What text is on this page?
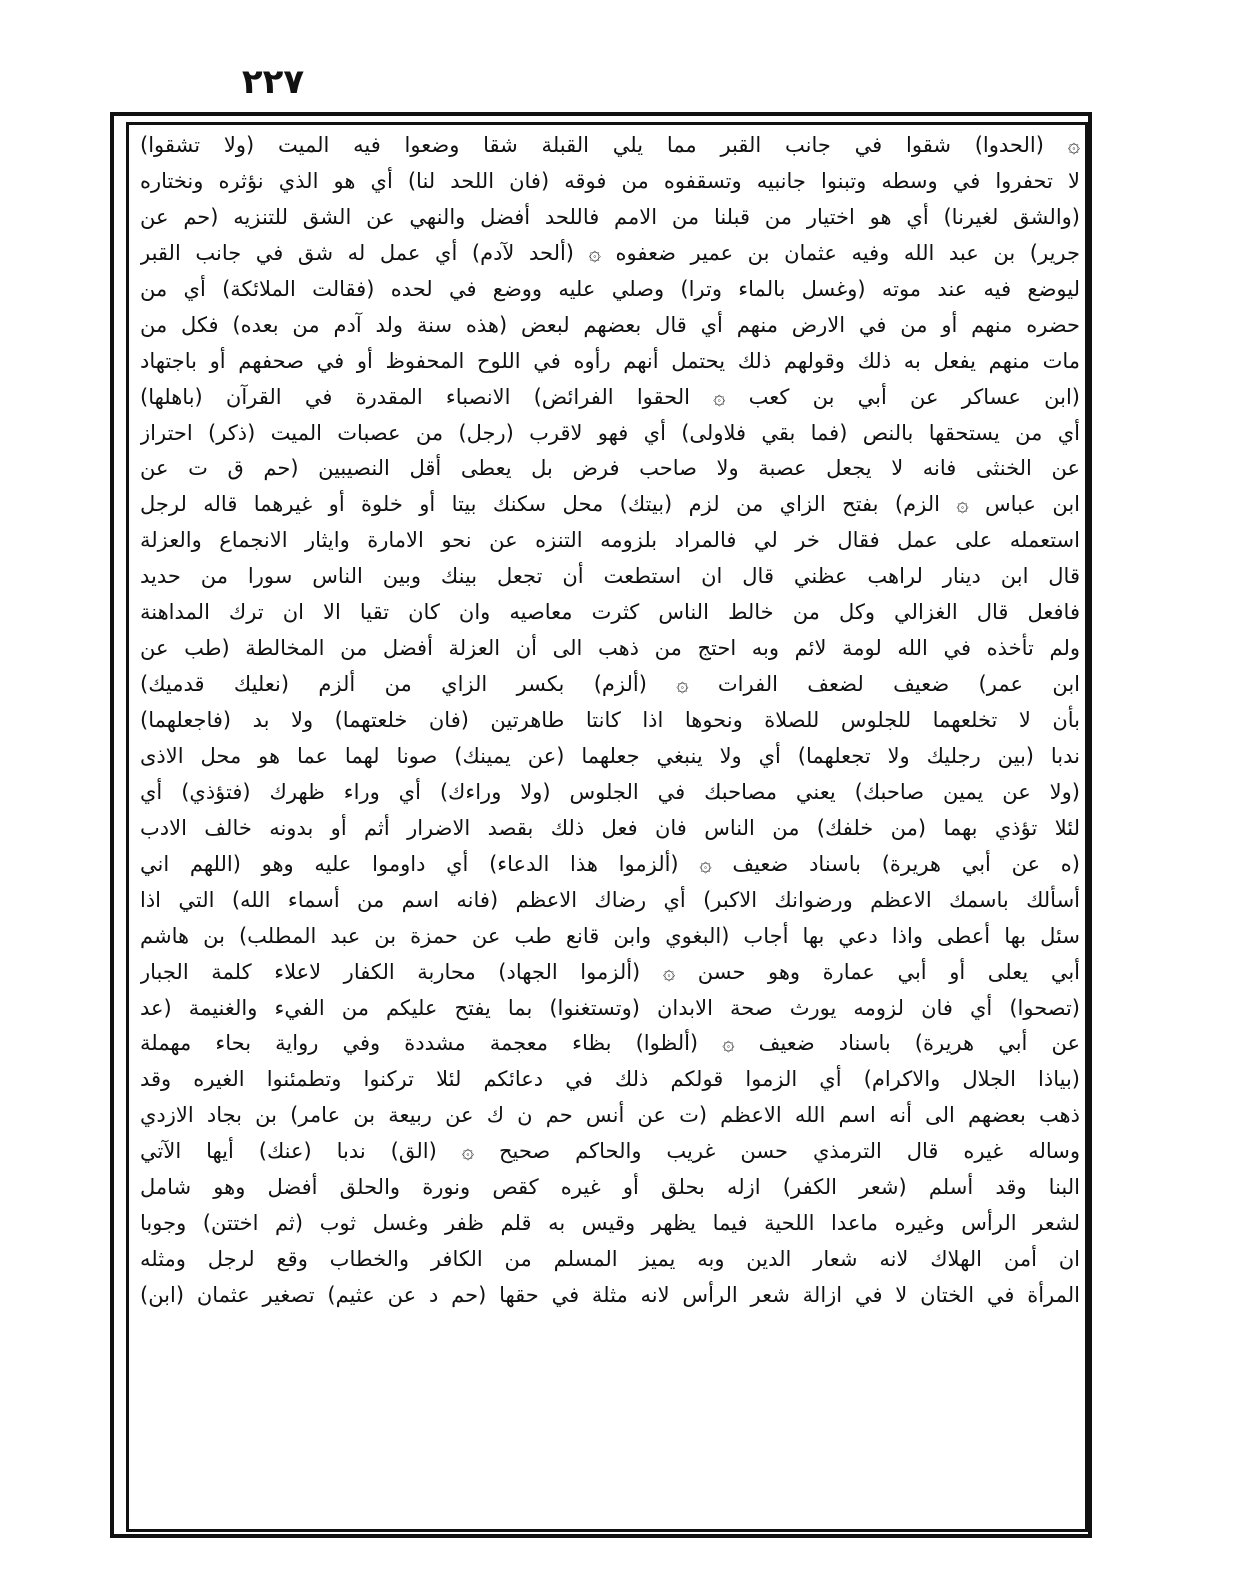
٢٢٧
۞ (الحدوا) شقوا في جانب القبر مما يلي القبلة شقا وضعوا فيه الميت (ولا تشقوا)
لا تحفروا في وسطه وتبنوا جانبيه وتسقفوه من فوقه (فان اللحد لنا) أي هو الذي نؤثره ونختاره
(والشق لغيرنا) أي هو اختيار من قبلنا من الامم فاللحد أفضل والنهي عن الشق للتنزيه (حم عن
جرير) بن عبد الله وفيه عثمان بن عمير ضعفوه ۞ (ألحد لآدم) أي عمل له شق في جانب القبر
ليوضع فيه عند موته (وغسل بالماء وترا) وصلي عليه ووضع في لحده (فقالت الملائكة) أي من
حضره منهم أو من في الارض منهم أي قال بعضهم لبعض (هذه سنة ولد آدم من بعده) فكل من
مات منهم يفعل به ذلك وقولهم ذلك يحتمل أنهم رأوه في اللوح المحفوظ أو في صحفهم أو باجتهاد
(ابن عساكر عن أبي بن كعب ۞ الحقوا الفرائض) الانصباء المقدرة في القرآن (باهلها)
أي من يستحقها بالنص (فما بقي فلاولى) أي فهو لاقرب (رجل) من عصبات الميت (ذكر) احتراز
عن الخنثى فانه لا يجعل عصبة ولا صاحب فرض بل يعطى أقل النصيبين (حم ق ت عن
ابن عباس ۞ الزم) بفتح الزاي من لزم (بيتك) محل سكنك بيتا أو خلوة أو غيرهما قاله لرجل
استعمله على عمل فقال خر لي فالمراد بلزومه التنزه عن نحو الامارة وايثار الانجماع والعزلة
قال ابن دينار لراهب عظني قال ان استطعت أن تجعل بينك وبين الناس سورا من حديد
فافعل قال الغزالي وكل من خالط الناس كثرت معاصيه وان كان تقيا الا ان ترك المداهنة
ولم تأخذه في الله لومة لائم وبه احتج من ذهب الى أن العزلة أفضل من المخالطة (طب عن
ابن عمر) ضعيف لضعف الفرات ۞ (ألزم) بكسر الزاي من ألزم (نعليك قدميك)
بأن لا تخلعهما للجلوس للصلاة ونحوها اذا كانتا طاهرتين (فان خلعتهما) ولا بد (فاجعلهما)
ندبا (بين رجليك ولا تجعلهما) أي ولا ينبغي جعلهما (عن يمينك) صونا لهما عما هو محل الاذى
(ولا عن يمين صاحبك) يعني مصاحبك في الجلوس (ولا وراءك) أي وراء ظهرك (فتؤذي) أي
لئلا تؤذي بهما (من خلفك) من الناس فان فعل ذلك بقصد الاضرار أثم أو بدونه خالف الادب
(ه عن أبي هريرة) باسناد ضعيف ۞ (ألزموا هذا الدعاء) أي داوموا عليه وهو (اللهم اني
أسألك باسمك الاعظم ورضوانك الاكبر) أي رضاك الاعظم (فانه اسم من أسماء الله) التي اذا
سئل بها أعطى واذا دعي بها أجاب (البغوي وابن قانع طب عن حمزة بن عبد المطلب) بن هاشم
أبي يعلى أو أبي عمارة وهو حسن ۞ (ألزموا الجهاد) محاربة الكفار لاعلاء كلمة الجبار
(تصحوا) أي فان لزومه يورث صحة الابدان (وتستغنوا) بما يفتح عليكم من الفيء والغنيمة (عد
عن أبي هريرة) باسناد ضعيف ۞ (ألظوا) بظاء معجمة مشددة وفي رواية بحاء مهملة
(بياذا الجلال والاكرام) أي الزموا قولكم ذلك في دعائكم لئلا تركنوا وتطمئنوا الغيره وقد
ذهب بعضهم الى أنه اسم الله الاعظم (ت عن أنس حم ن ك عن ربيعة بن عامر) بن بجاد الازدي
وساله غيره قال الترمذي حسن غريب والحاكم صحيح ۞ (الق) ندبا (عنك) أيها الآتي
البنا وقد أسلم (شعر الكفر) ازله بحلق أو غيره كقص ونورة والحلق أفضل وهو شامل
لشعر الرأس وغيره ماعدا اللحية فيما يظهر وقيس به قلم ظفر وغسل ثوب (ثم اختتن) وجوبا
ان أمن الهلاك لانه شعار الدين وبه يميز المسلم من الكافر والخطاب وقع لرجل ومثله
المرأة في الختان لا في ازالة شعر الرأس لانه مثلة في حقها (حم د عن عثيم) تصغير عثمان (ابن)
